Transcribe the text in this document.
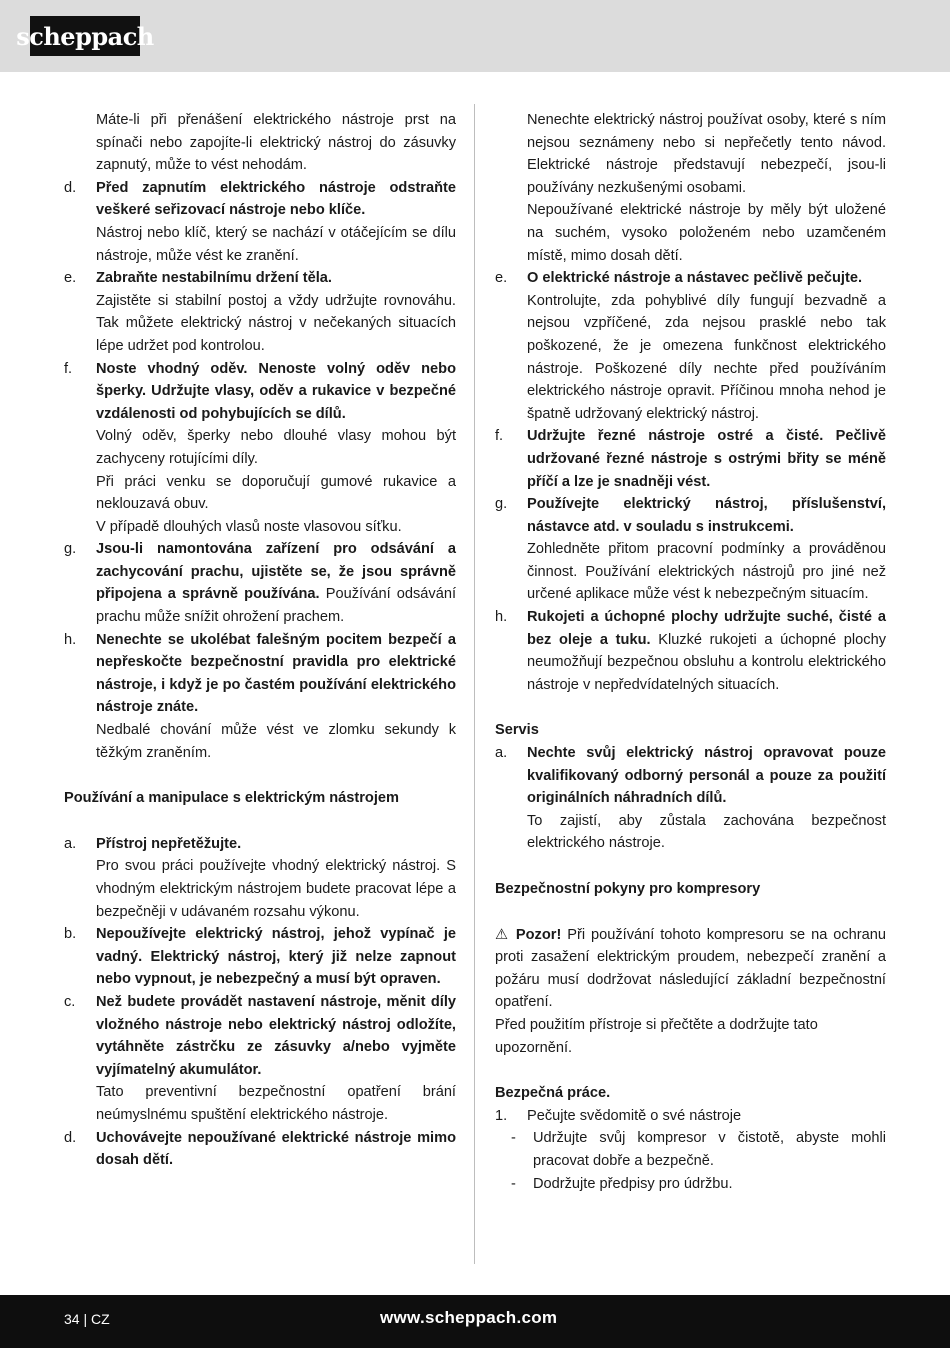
scheppach

Máte-li při přenášení elektrického nástroje prst na spínači nebo zapojíte-li elektrický nástroj do zásuvky zapnutý, může to vést nehodám.

d.	Před zapnutím elektrického nástroje odstraňte veškeré seřizovací nástroje nebo klíče.

Nástroj nebo klíč, který se nachází v otáčejícím se dílu nástroje, může vést ke zranění.

e.	Zabraňte nestabilnímu držení těla.

Zajistěte si stabilní postoj a vždy udržujte rovnováhu. Tak můžete elektrický nástroj v nečekaných situacích lépe udržet pod kontrolou.

f.	Noste vhodný oděv. Nenoste volný oděv nebo šperky. Udržujte vlasy, oděv a rukavice v bezpečné vzdálenosti od pohybujících se dílů.

Volný oděv, šperky nebo dlouhé vlasy mohou být zachyceny rotujícími díly.

Při práci venku se doporučují gumové rukavice a neklouzavá obuv.

V případě dlouhých vlasů noste vlasovou síťku.

g.	Jsou-li namontována zařízení pro odsávání a zachycování prachu, ujistěte se, že jsou správně připojena a správně používána. Používání odsávání prachu může snížit ohrožení prachem.

h.	Nenechte se ukolébat falešným pocitem bezpečí a nepřeskočte bezpečnostní pravidla pro elektrické nástroje, i když je po častém používání elektrického nástroje znáte.

Nedbalé chování může vést ve zlomku sekundy k těžkým zraněním.

Používání a manipulace s elektrickým nástrojem

a.	Přístroj nepřetěžujte.

Pro svou práci používejte vhodný elektrický nástroj. S vhodným elektrickým nástrojem budete pracovat lépe a bezpečněji v udávaném rozsahu výkonu.

b.	Nepoužívejte elektrický nástroj, jehož vypínač je vadný. Elektrický nástroj, který již nelze zapnout nebo vypnout, je nebezpečný a musí být opraven.

c.	Než budete provádět nastavení nástroje, měnit díly vložného nástroje nebo elektrický nástroj odložíte, vytáhněte zástrčku ze zásuvky a/nebo vyjměte vyjímatelný akumulátor.

Tato preventivní bezpečnostní opatření brání neúmyslnému spuštění elektrického nástroje.

d.	Uchovávejte nepoužívané elektrické nástroje mimo dosah dětí.

Nenechte elektrický nástroj používat osoby, které s ním nejsou seznámeny nebo si nepřečetly tento návod. Elektrické nástroje představují nebezpečí, jsou-li používány nezkušenými osobami.

Nepoužívané elektrické nástroje by měly být uložené na suchém, vysoko položeném nebo uzamčeném místě, mimo dosah dětí.

e.	O elektrické nástroje a nástavec pečlivě pečujte.

Kontrolujte, zda pohyblivé díly fungují bezvadně a nejsou vzpříčené, zda nejsou prasklé nebo tak poškozené, že je omezena funkčnost elektrického nástroje. Poškozené díly nechte před používáním elektrického nástroje opravit. Příčinou mnoha nehod je špatně udržovaný elektrický nástroj.

f.	Udržujte řezné nástroje ostré a čisté. Pečlivě udržované řezné nástroje s ostrými břity se méně příčí a lze je snadněji vést.

g.	Používejte elektrický nástroj, příslušenství, nástavce atd. v souladu s instrukcemi.

Zohledněte přitom pracovní podmínky a prováděnou činnost. Používání elektrických nástrojů pro jiné než určené aplikace může vést k nebezpečným situacím.

h.	Rukojeti a úchopné plochy udržujte suché, čisté a bez oleje a tuku. Kluzké rukojeti a úchopné plochy neumožňují bezpečnou obsluhu a kontrolu elektrického nástroje v nepředvídatelných situacích.

Servis

a.	Nechte svůj elektrický nástroj opravovat pouze kvalifikovaný odborný personál a pouze za použití originálních náhradních dílů.

To zajistí, aby zůstala zachována bezpečnost elektrického nástroje.

Bezpečnostní pokyny pro kompresory

⚠ Pozor! Při používání tohoto kompresoru se na ochranu proti zasažení elektrickým proudem, nebezpečí zranění a požáru musí dodržovat následující základní bezpečnostní opatření.

Před použitím přístroje si přečtěte a dodržujte tato upozornění.

Bezpečná práce.

1.	Pečujte svědomitě o své nástroje

-	Udržujte svůj kompresor v čistotě, abyste mohli pracovat dobře a bezpečně.

-	Dodržujte předpisy pro údržbu.

34 | CZ	www.scheppach.com
